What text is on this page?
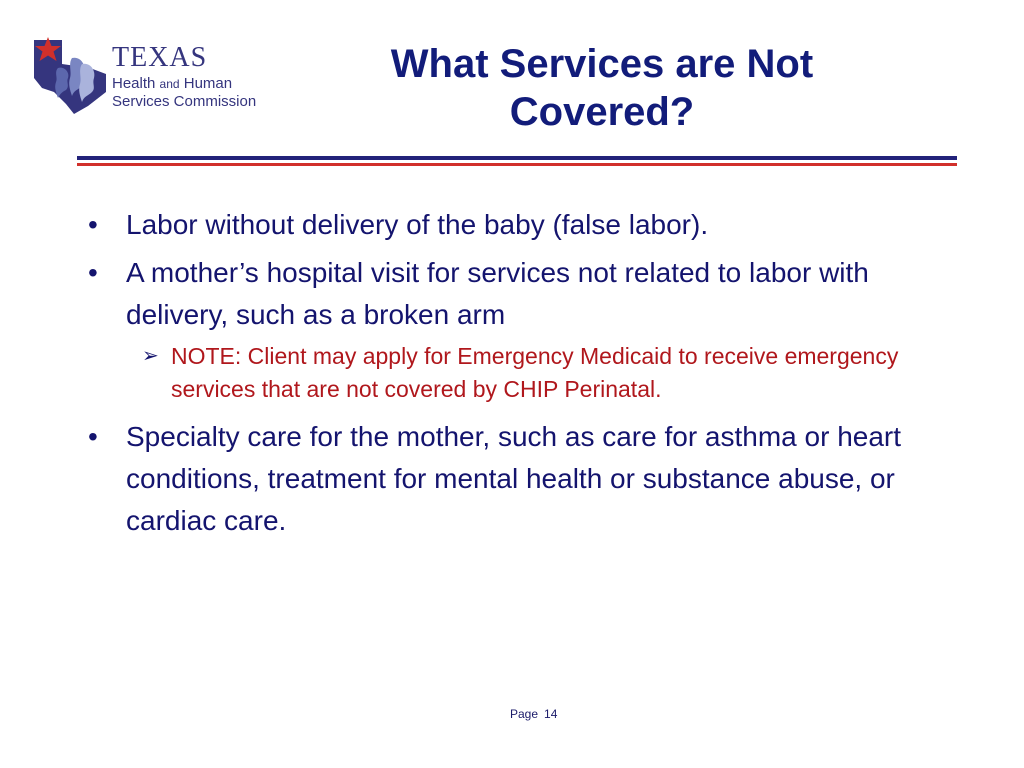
TEXAS
Health and Human
Services Commission
What Services are Not
Covered?
• Labor without delivery of the baby (false labor).
• A mother’s hospital visit for services not related to labor with delivery, such as a broken arm
➢ NOTE: Client may apply for Emergency Medicaid to receive emergency services that are not covered by CHIP Perinatal.
• Specialty care for the mother, such as care for asthma or heart conditions, treatment for mental health or substance abuse, or cardiac care.
Page 14
